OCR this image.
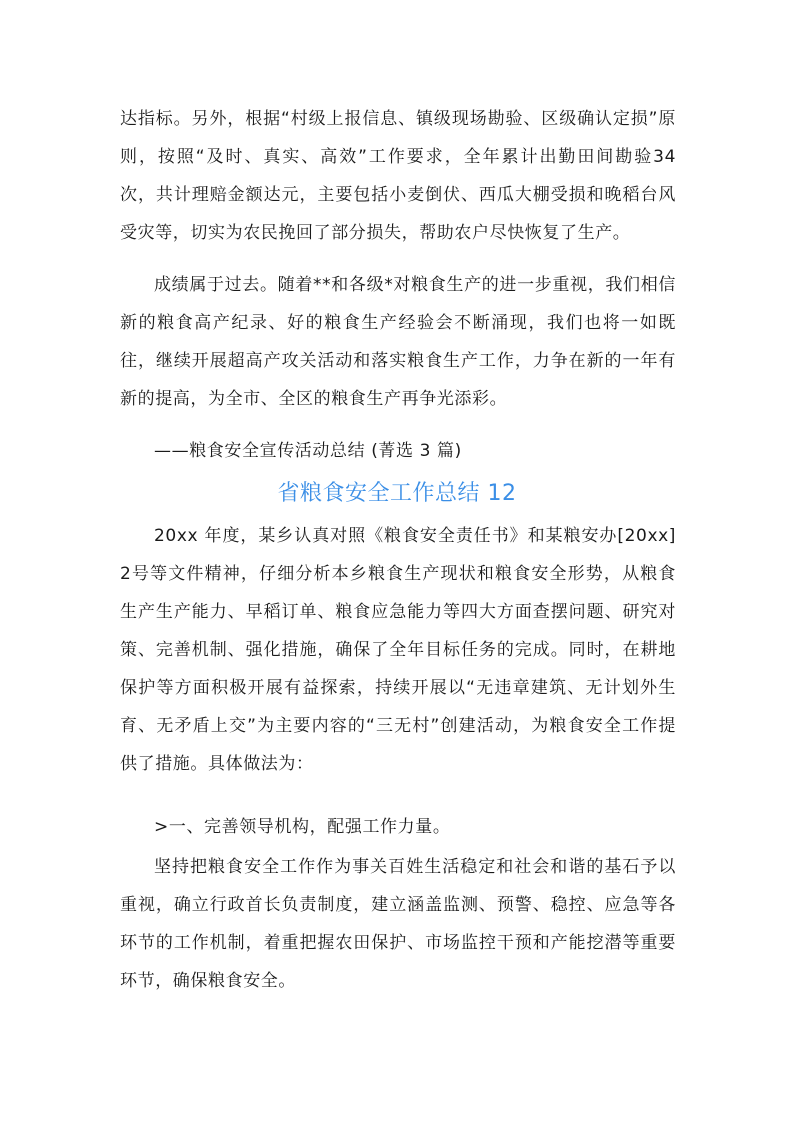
达指标。另外，根据“村级上报信息、镇级现场勘验、区级确认定损”原则，按照“及时、真实、高效”工作要求，全年累计出勤田间勘验34 次，共计理赔金额达元，主要包括小麦倒伏、西瓜大棚受损和晚稻台风受灾等，切实为农民挽回了部分损失，帮助农户尽快恢复了生产。

成绩属于过去。随着**和各级*对粮食生产的进一步重视，我们相信新的粮食高产纪录、好的粮食生产经验会不断涌现，我们也将一如既往，继续开展超高产攻关活动和落实粮食生产工作，力争在新的一年有新的提高，为全市、全区的粮食生产再争光添彩。

——粮食安全宣传活动总结 (菁选 3 篇)

省粮食安全工作总结 12

20xx 年度，某乡认真对照《粮食安全责任书》和某粮安办[20xx]2号等文件精神，仔细分析本乡粮食生产现状和粮食安全形势，从粮食生产生产能力、早稻订单、粮食应急能力等四大方面查摆问题、研究对策、完善机制、强化措施，确保了全年目标任务的完成。同时，在耕地保护等方面积极开展有益探索，持续开展以“无违章建筑、无计划外生育、无矛盾上交”为主要内容的“三无村”创建活动，为粮食安全工作提供了措施。具体做法为：

>一、完善领导机构，配强工作力量。

坚持把粮食安全工作作为事关百姓生活稳定和社会和谐的基石予以重视，确立行政首长负责制度，建立涵盖监测、预警、稳控、应急等各环节的工作机制，着重把握农田保护、市场监控干预和产能挖潜等重要环节，确保粮食安全。
